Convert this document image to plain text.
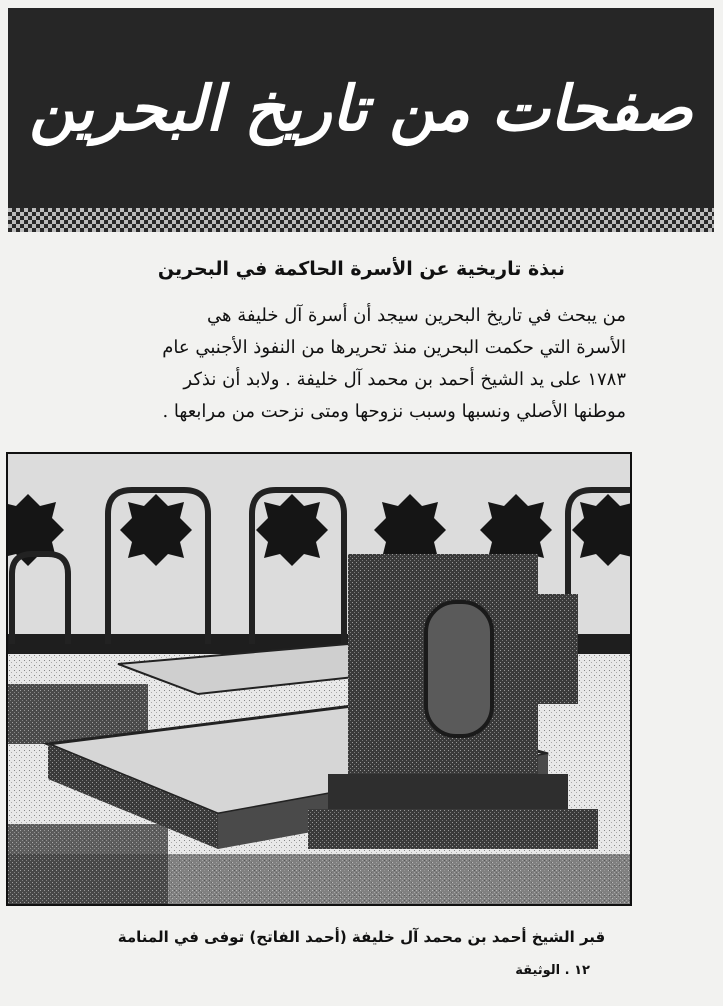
صفحات من تاريخ البحرين
نبذة تاريخية عن الأسرة الحاكمة في البحرين
من يبحث في تاريخ البحرين سيجد أن أسرة آل خليفة هي
الأسرة التي حكمت البحرين منذ تحريرها من النفوذ الأجنبي عام
١٧٨٣ على يد الشيخ أحمد بن محمد آل خليفة . ولابد أن نذكر
موطنها الأصلي ونسبها وسبب نزوحها ومتى نزحت من مرابعها .
قبر الشيخ أحمد بن محمد آل خليفة (أحمد الفاتح) توفى في المنامة
١٢ . الوثيقة
